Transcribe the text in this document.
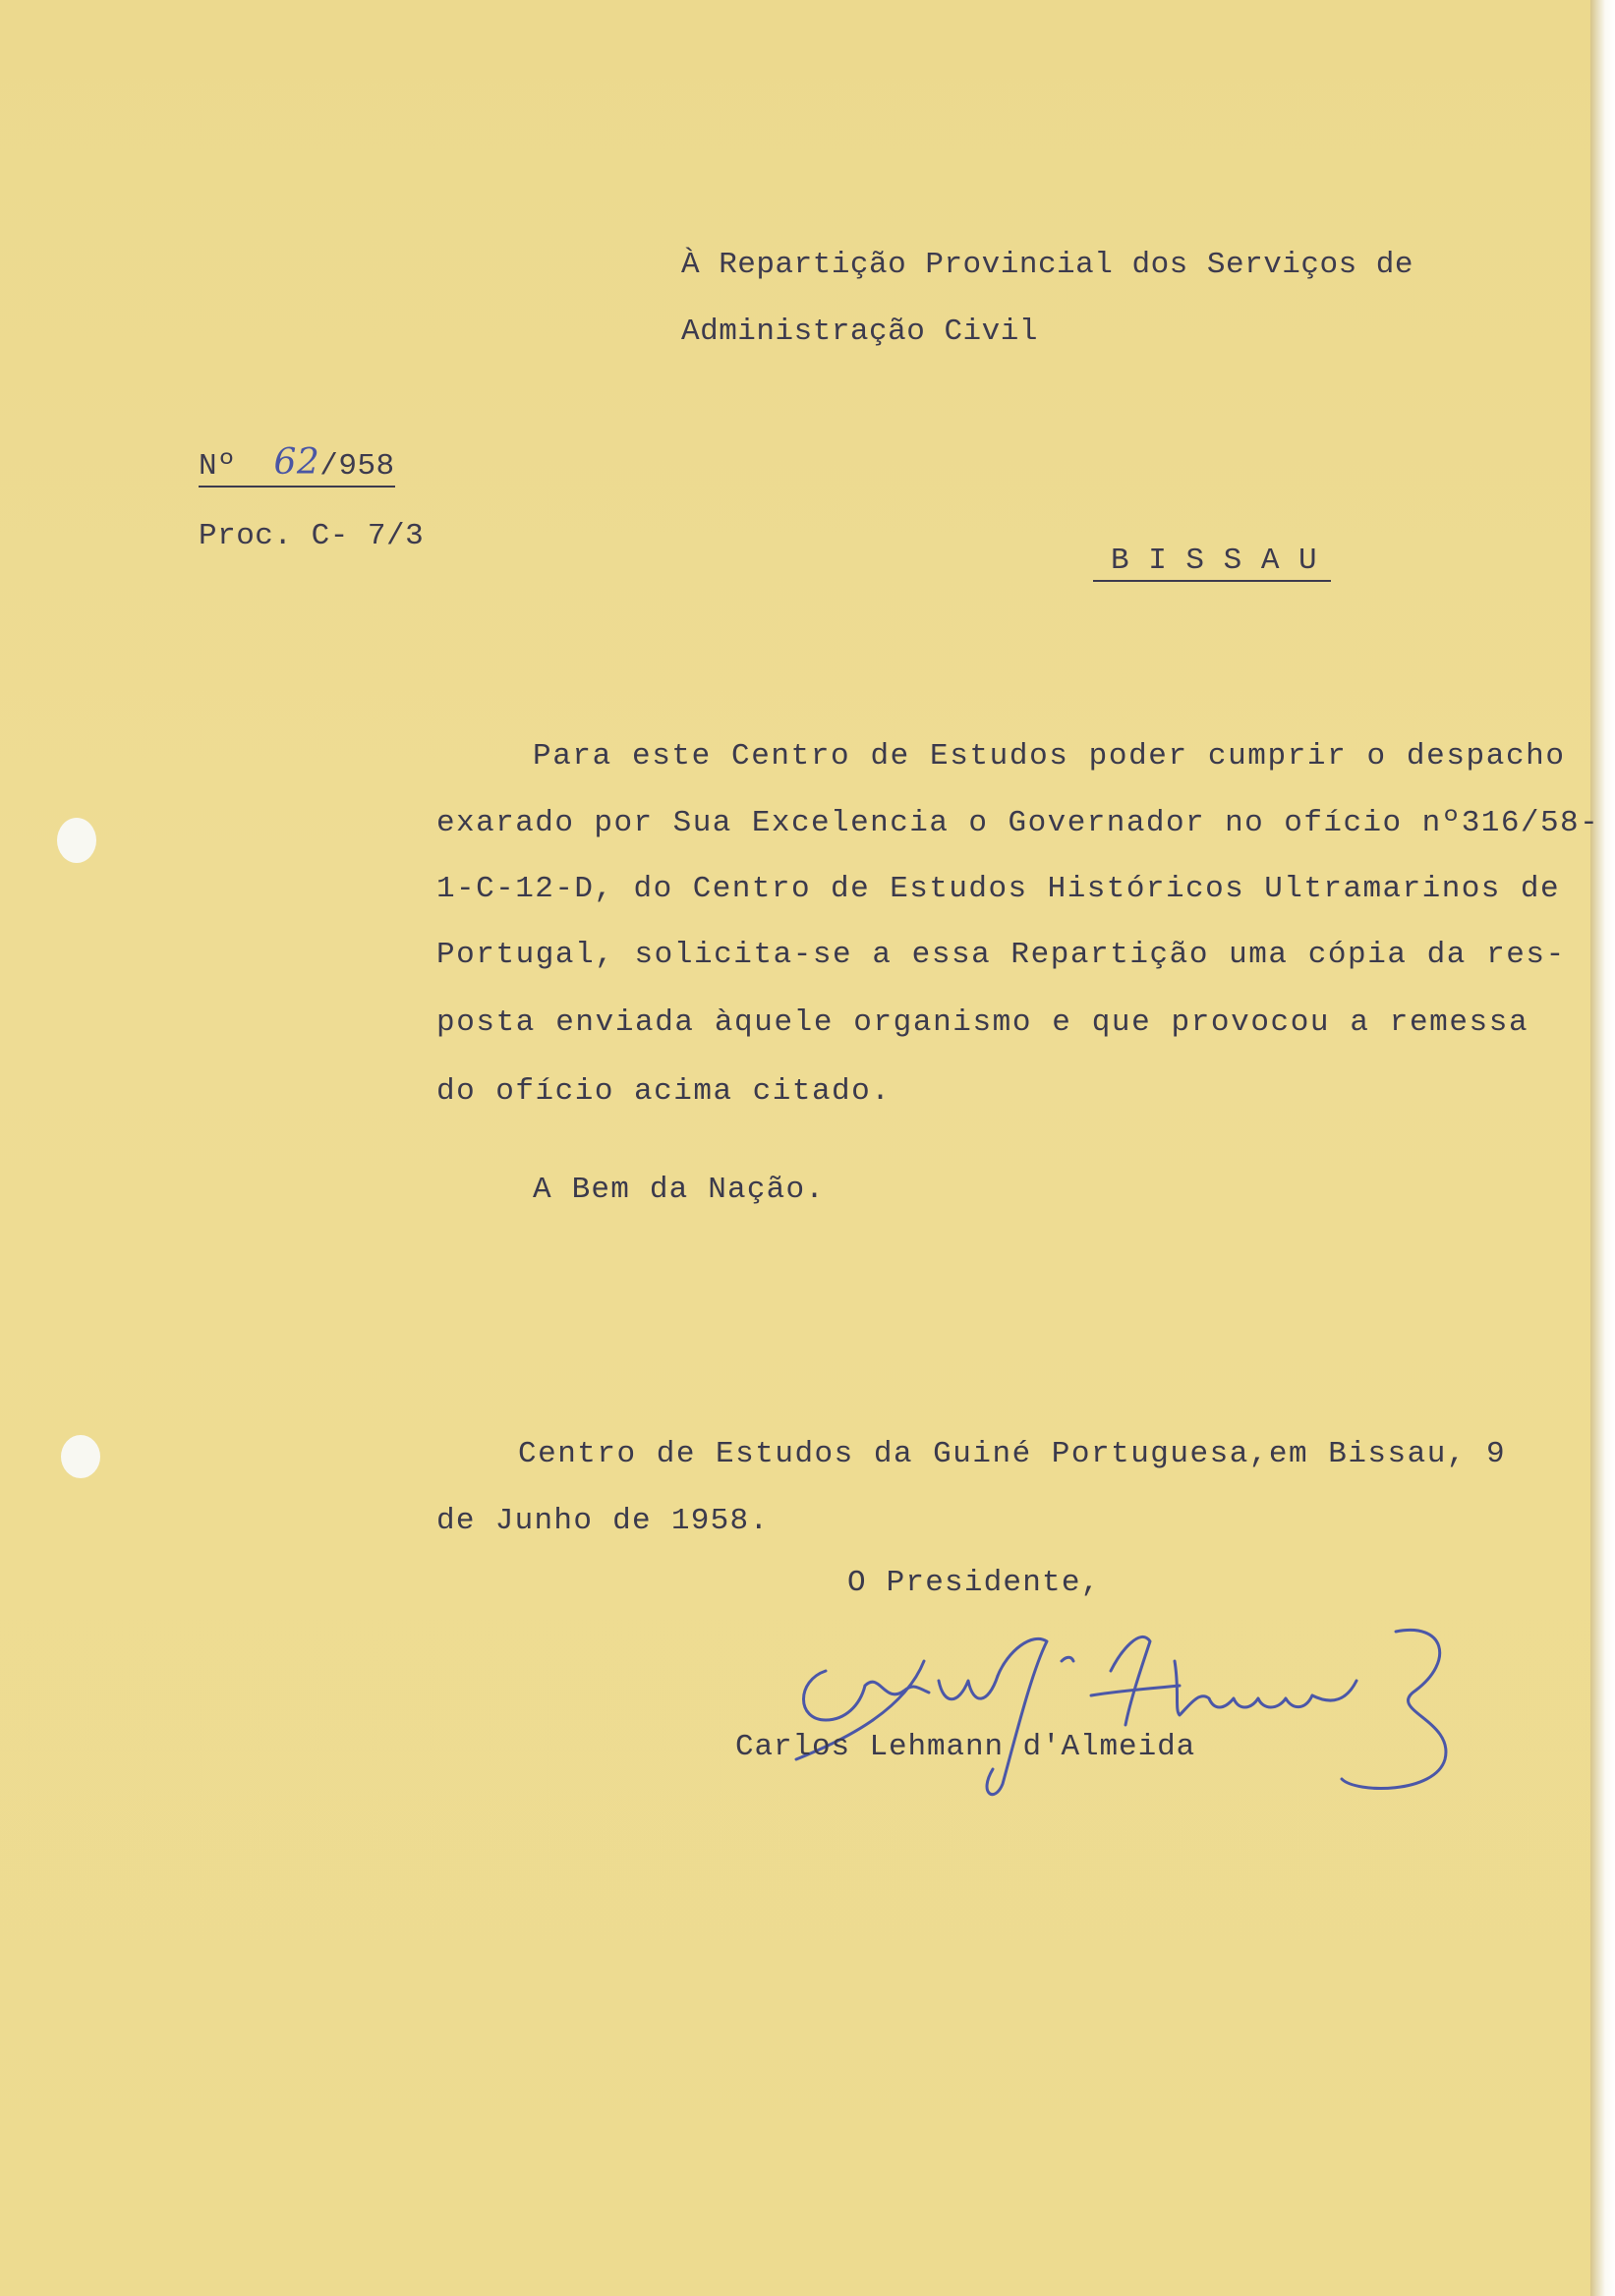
À Repartição Provincial dos Serviços de
Administração Civil
Nº 62/958
Proc. C- 7/3
B I S S A U
Para este Centro de Estudos poder cumprir o despacho
exarado por Sua Excelencia o Governador no ofício nº316/58-
1-C-12-D, do Centro de Estudos Históricos Ultramarinos de
Portugal, solicita-se a essa Repartição uma cópia da res-
posta enviada àquele organismo e que provocou a remessa
do ofício acima citado.
A Bem da Nação.
Centro de Estudos da Guiné Portuguesa,em Bissau, 9
de Junho de 1958.
O Presidente,
Carlos Lehmann d'Almeida
